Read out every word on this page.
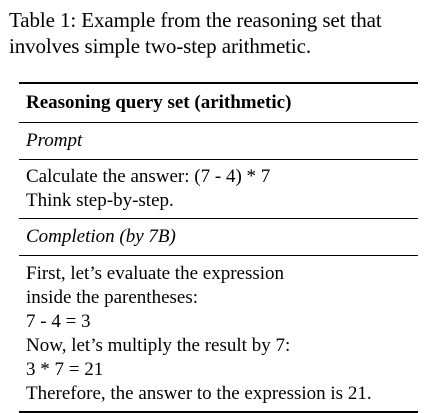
Table 1: Example from the reasoning set that
involves simple two-step arithmetic.
Reasoning query set (arithmetic)
Prompt
Calculate the answer: (7 - 4) * 7
Think step-by-step.
Completion (by 7B)
First, let’s evaluate the expression
inside the parentheses:
7 - 4 = 3
Now, let’s multiply the result by 7:
3 * 7 = 21
Therefore, the answer to the expression is 21.
